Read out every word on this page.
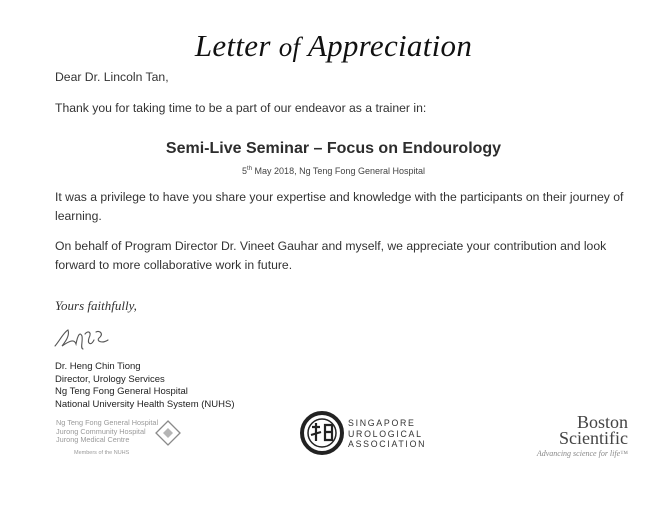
Letter of Appreciation
Dear Dr. Lincoln Tan,
Thank you for taking time to be a part of our endeavor as a trainer in:
Semi-Live Seminar – Focus on Endourology
5th May 2018, Ng Teng Fong General Hospital
It was a privilege to have you share your expertise and knowledge with the participants on their journey of learning.
On behalf of Program Director Dr. Vineet Gauhar and myself, we appreciate your contribution and look forward to more collaborative work in future.
Yours faithfully,
Dr. Heng Chin Tiong
Director, Urology Services
Ng Teng Fong General Hospital
National University Health System (NUHS)
Ng Teng Fong General Hospital
Jurong Community Hospital
Jurong Medical Centre
Members of the NUHS
SINGAPORE
UROLOGICAL
ASSOCIATION
Boston
Scientific
Advancing science for life™
